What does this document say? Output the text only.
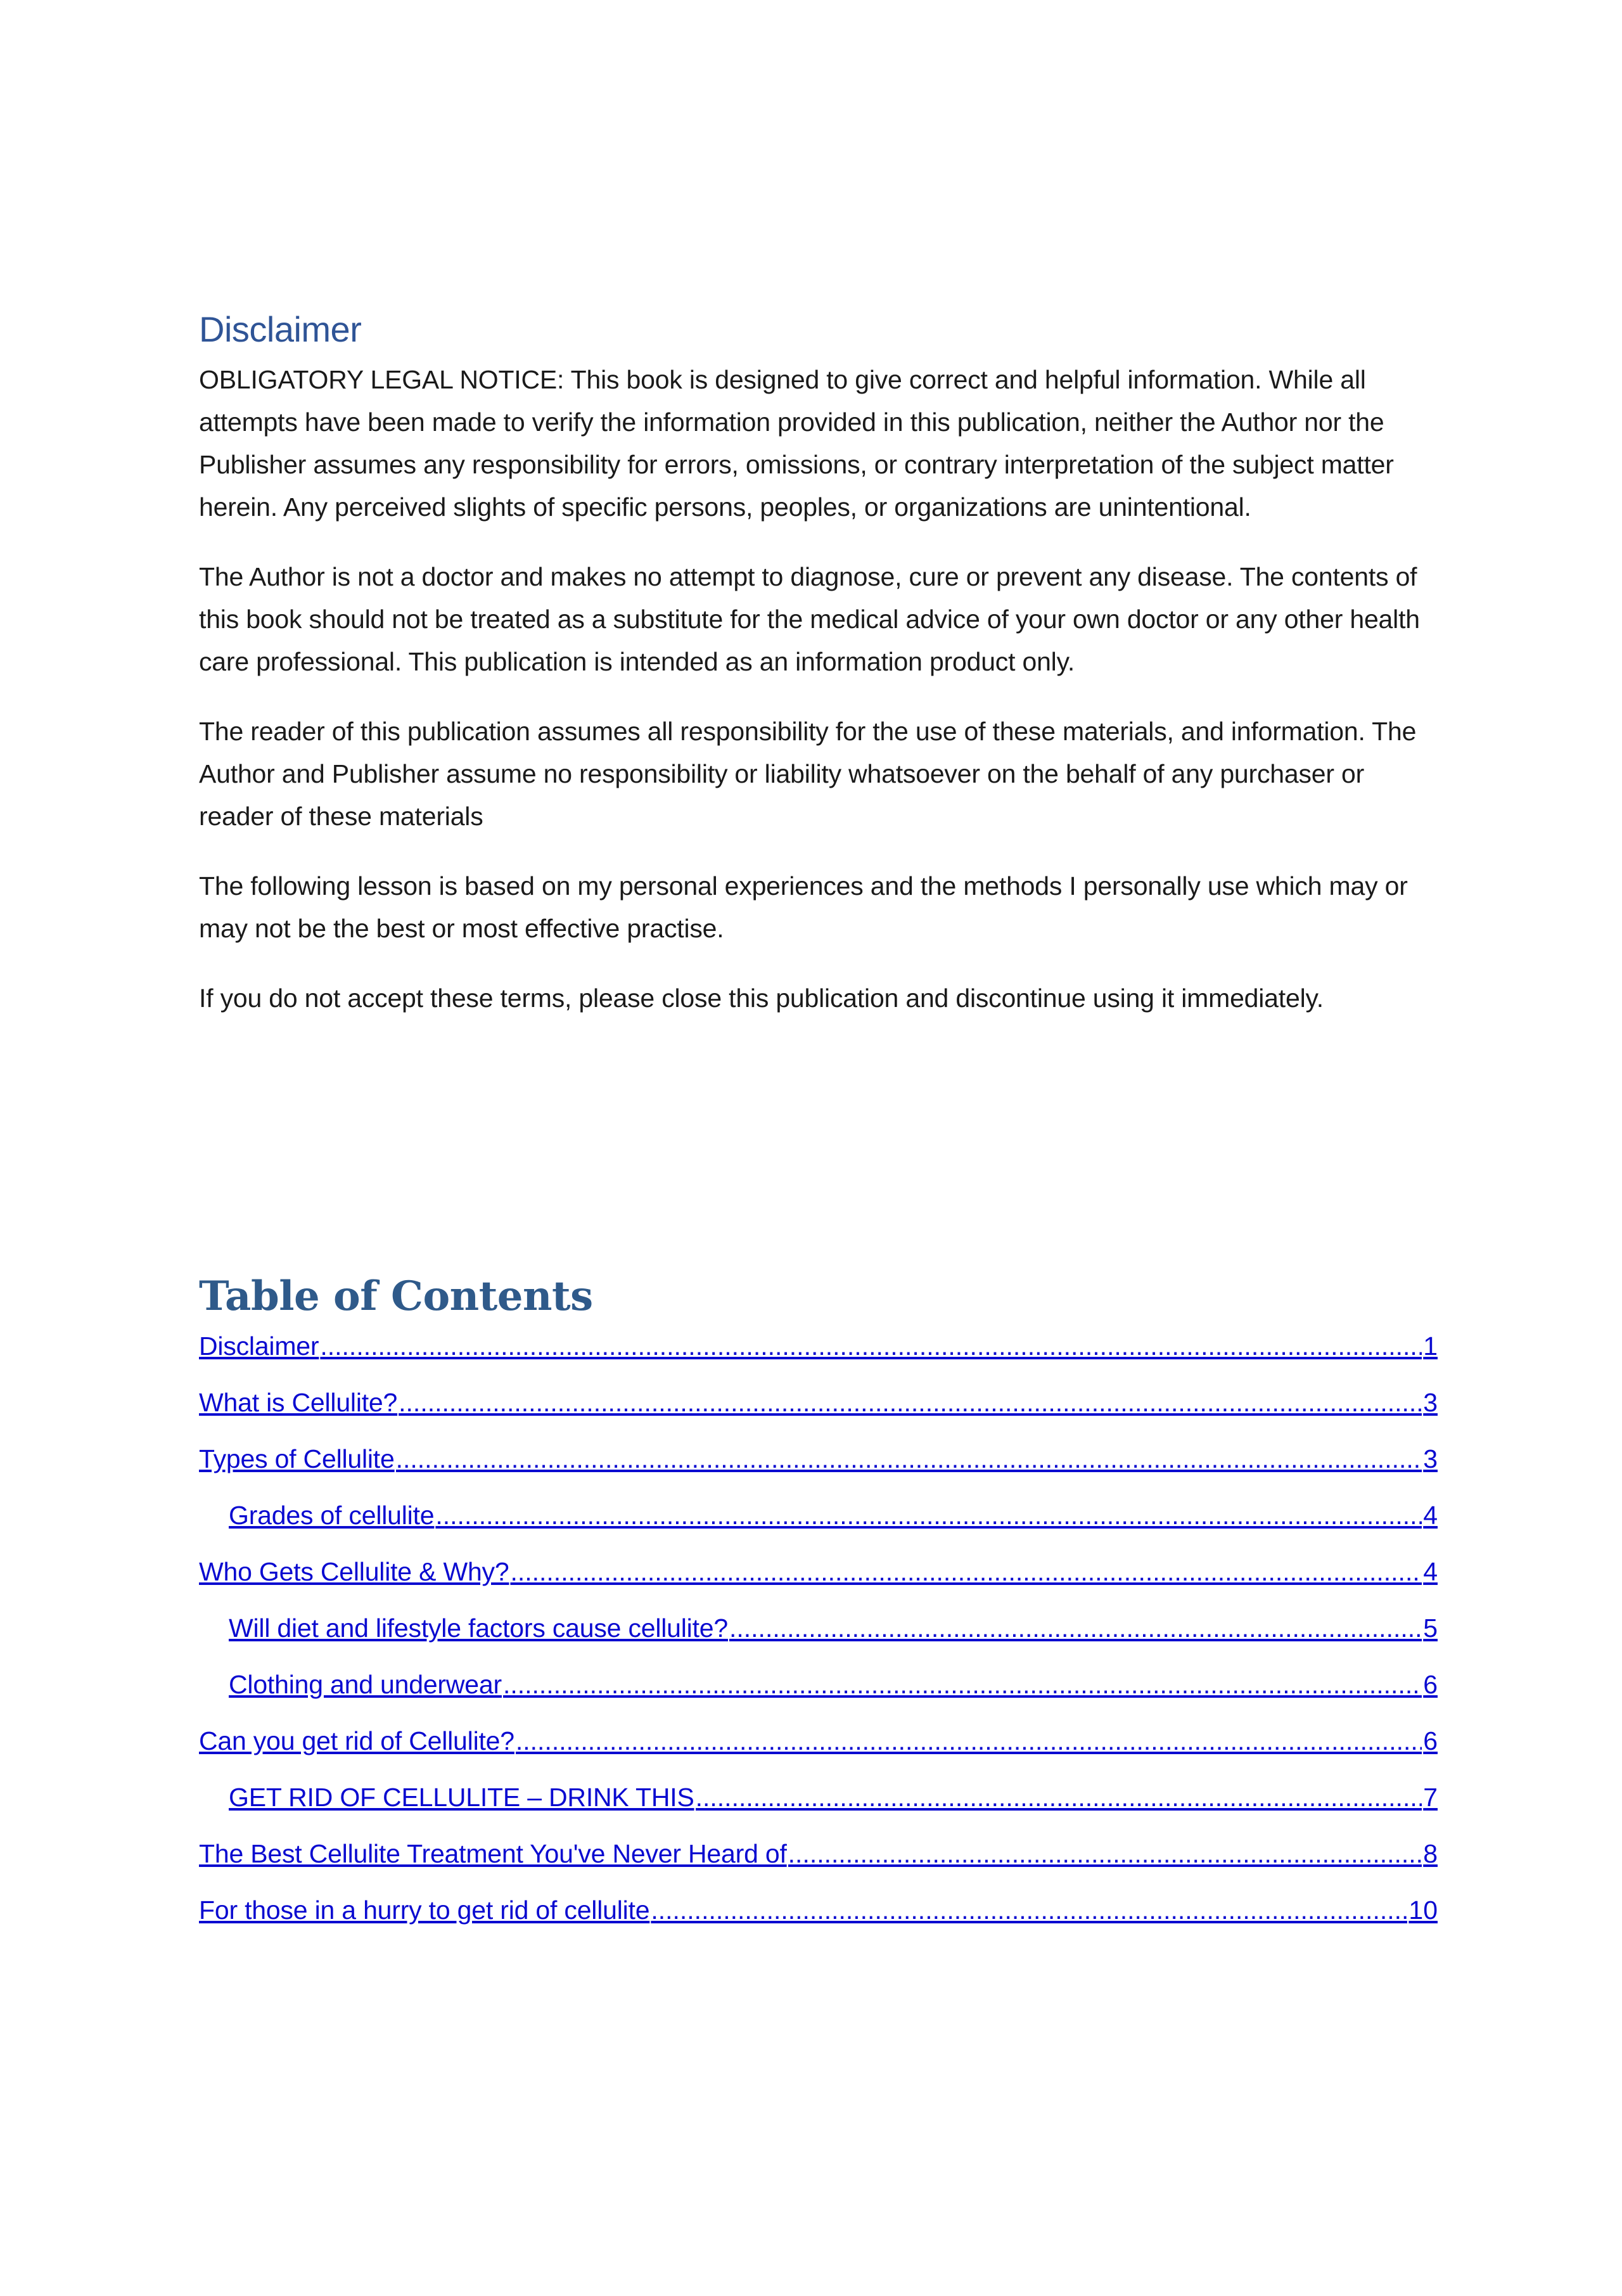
Disclaimer

OBLIGATORY LEGAL NOTICE: This book is designed to give correct and helpful information. While all attempts have been made to verify the information provided in this publication, neither the Author nor the Publisher assumes any responsibility for errors, omissions, or contrary interpretation of the subject matter herein. Any perceived slights of specific persons, peoples, or organizations are unintentional.

The Author is not a doctor and makes no attempt to diagnose, cure or prevent any disease. The contents of this book should not be treated as a substitute for the medical advice of your own doctor or any other health care professional. This publication is intended as an information product only.

The reader of this publication assumes all responsibility for the use of these materials, and information. The Author and Publisher assume no responsibility or liability whatsoever on the behalf of any purchaser or reader of these materials

The following lesson is based on my personal experiences and the methods I personally use which may or may not be the best or most effective practise.

If you do not accept these terms, please close this publication and discontinue using it immediately.

Table of Contents
Disclaimer .....	1
What is Cellulite? .....	3
Types of Cellulite .....	3
Grades of cellulite .....	4
Who Gets Cellulite & Why? .....	4
Will diet and lifestyle factors cause cellulite? .....	5
Clothing and underwear .....	6
Can you get rid of Cellulite? .....	6
GET RID OF CELLULITE – DRINK THIS .....	7
The Best Cellulite Treatment You've Never Heard of .....	8
For those in a hurry to get rid of cellulite .....	10
